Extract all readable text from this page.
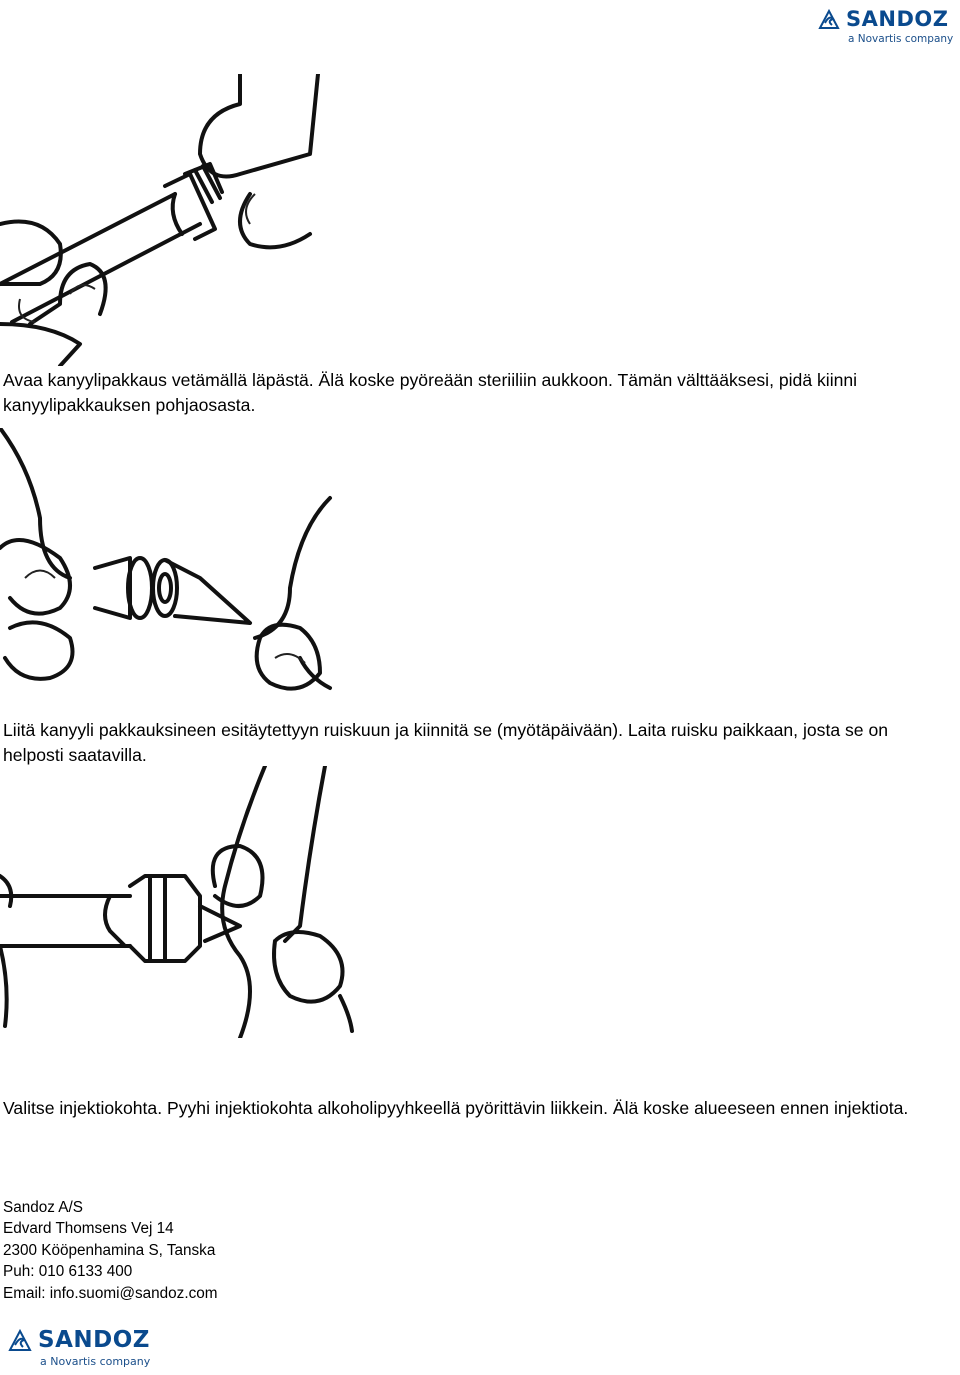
SANDOZ
a Novartis company

Avaa kanyylipakkaus vetämällä läpästä. Älä koske pyöreään steriiliin aukkoon. Tämän välttääksesi, pidä kiinni kanyylipakkauksen pohjaosasta.

Liitä kanyyli pakkauksineen esitäytettyyn ruiskuun ja kiinnitä se (myötäpäivään). Laita ruisku paikkaan, josta se on helposti saatavilla.

Valitse injektiokohta. Pyyhi injektiokohta alkoholipyyhkeellä pyörittävin liikkein. Älä koske alueeseen ennen injektiota.

Sandoz A/S
Edvard Thomsens Vej 14
2300 Kööpenhamina S, Tanska
Puh: 010 6133 400
Email: info.suomi@sandoz.com
SANDOZ
a Novartis company
